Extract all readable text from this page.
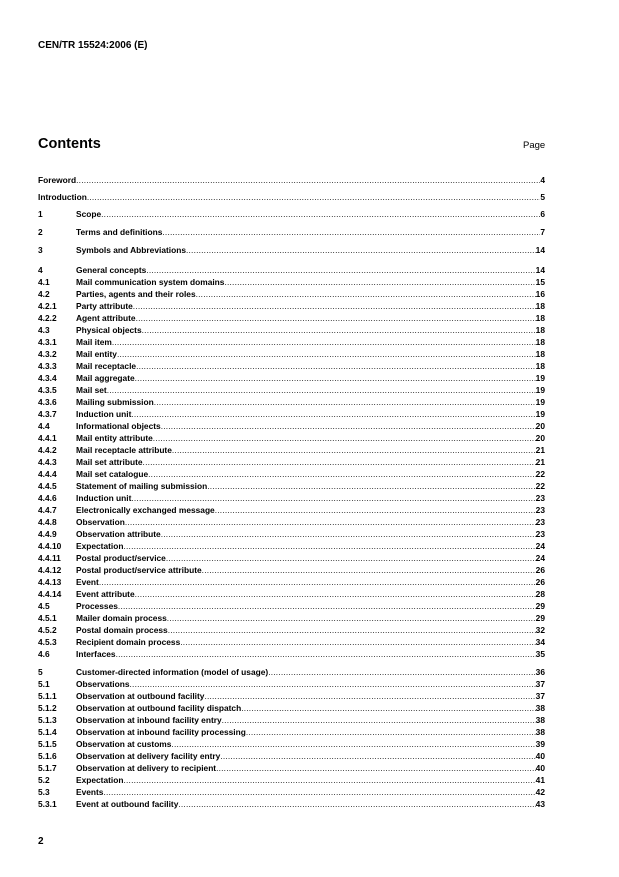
CEN/TR 15524:2006 (E)
Contents	Page
Foreword .....	4
Introduction .....	5
1	Scope .....	6
2	Terms and definitions .....	7
3	Symbols and Abbreviations .....	14
4	General concepts .....	14
4.1	Mail communication system domains .....	15
4.2	Parties, agents and their roles .....	16
4.2.1	Party attribute .....	18
4.2.2	Agent attribute .....	18
4.3	Physical objects .....	18
4.3.1	Mail item .....	18
4.3.2	Mail entity .....	18
4.3.3	Mail receptacle .....	18
4.3.4	Mail aggregate .....	19
4.3.5	Mail set .....	19
4.3.6	Mailing submission .....	19
4.3.7	Induction unit .....	19
4.4	Informational objects .....	20
4.4.1	Mail entity attribute .....	20
4.4.2	Mail receptacle attribute .....	21
4.4.3	Mail set attribute .....	21
4.4.4	Mail set catalogue .....	22
4.4.5	Statement of mailing submission .....	22
4.4.6	Induction unit .....	23
4.4.7	Electronically exchanged message .....	23
4.4.8	Observation .....	23
4.4.9	Observation attribute .....	23
4.4.10	Expectation .....	24
4.4.11	Postal product/service .....	24
4.4.12	Postal product/service attribute .....	26
4.4.13	Event .....	26
4.4.14	Event attribute .....	28
4.5	Processes .....	29
4.5.1	Mailer domain process .....	29
4.5.2	Postal domain process .....	32
4.5.3	Recipient domain process .....	34
4.6	Interfaces .....	35
5	Customer-directed information (model of usage) .....	36
5.1	Observations .....	37
5.1.1	Observation at outbound facility .....	37
5.1.2	Observation at outbound facility dispatch .....	38
5.1.3	Observation at inbound facility entry .....	38
5.1.4	Observation at inbound facility processing .....	38
5.1.5	Observation at customs .....	39
5.1.6	Observation at delivery facility entry .....	40
5.1.7	Observation at delivery to recipient .....	40
5.2	Expectation .....	41
5.3	Events .....	42
5.3.1	Event at outbound facility .....	43
2
